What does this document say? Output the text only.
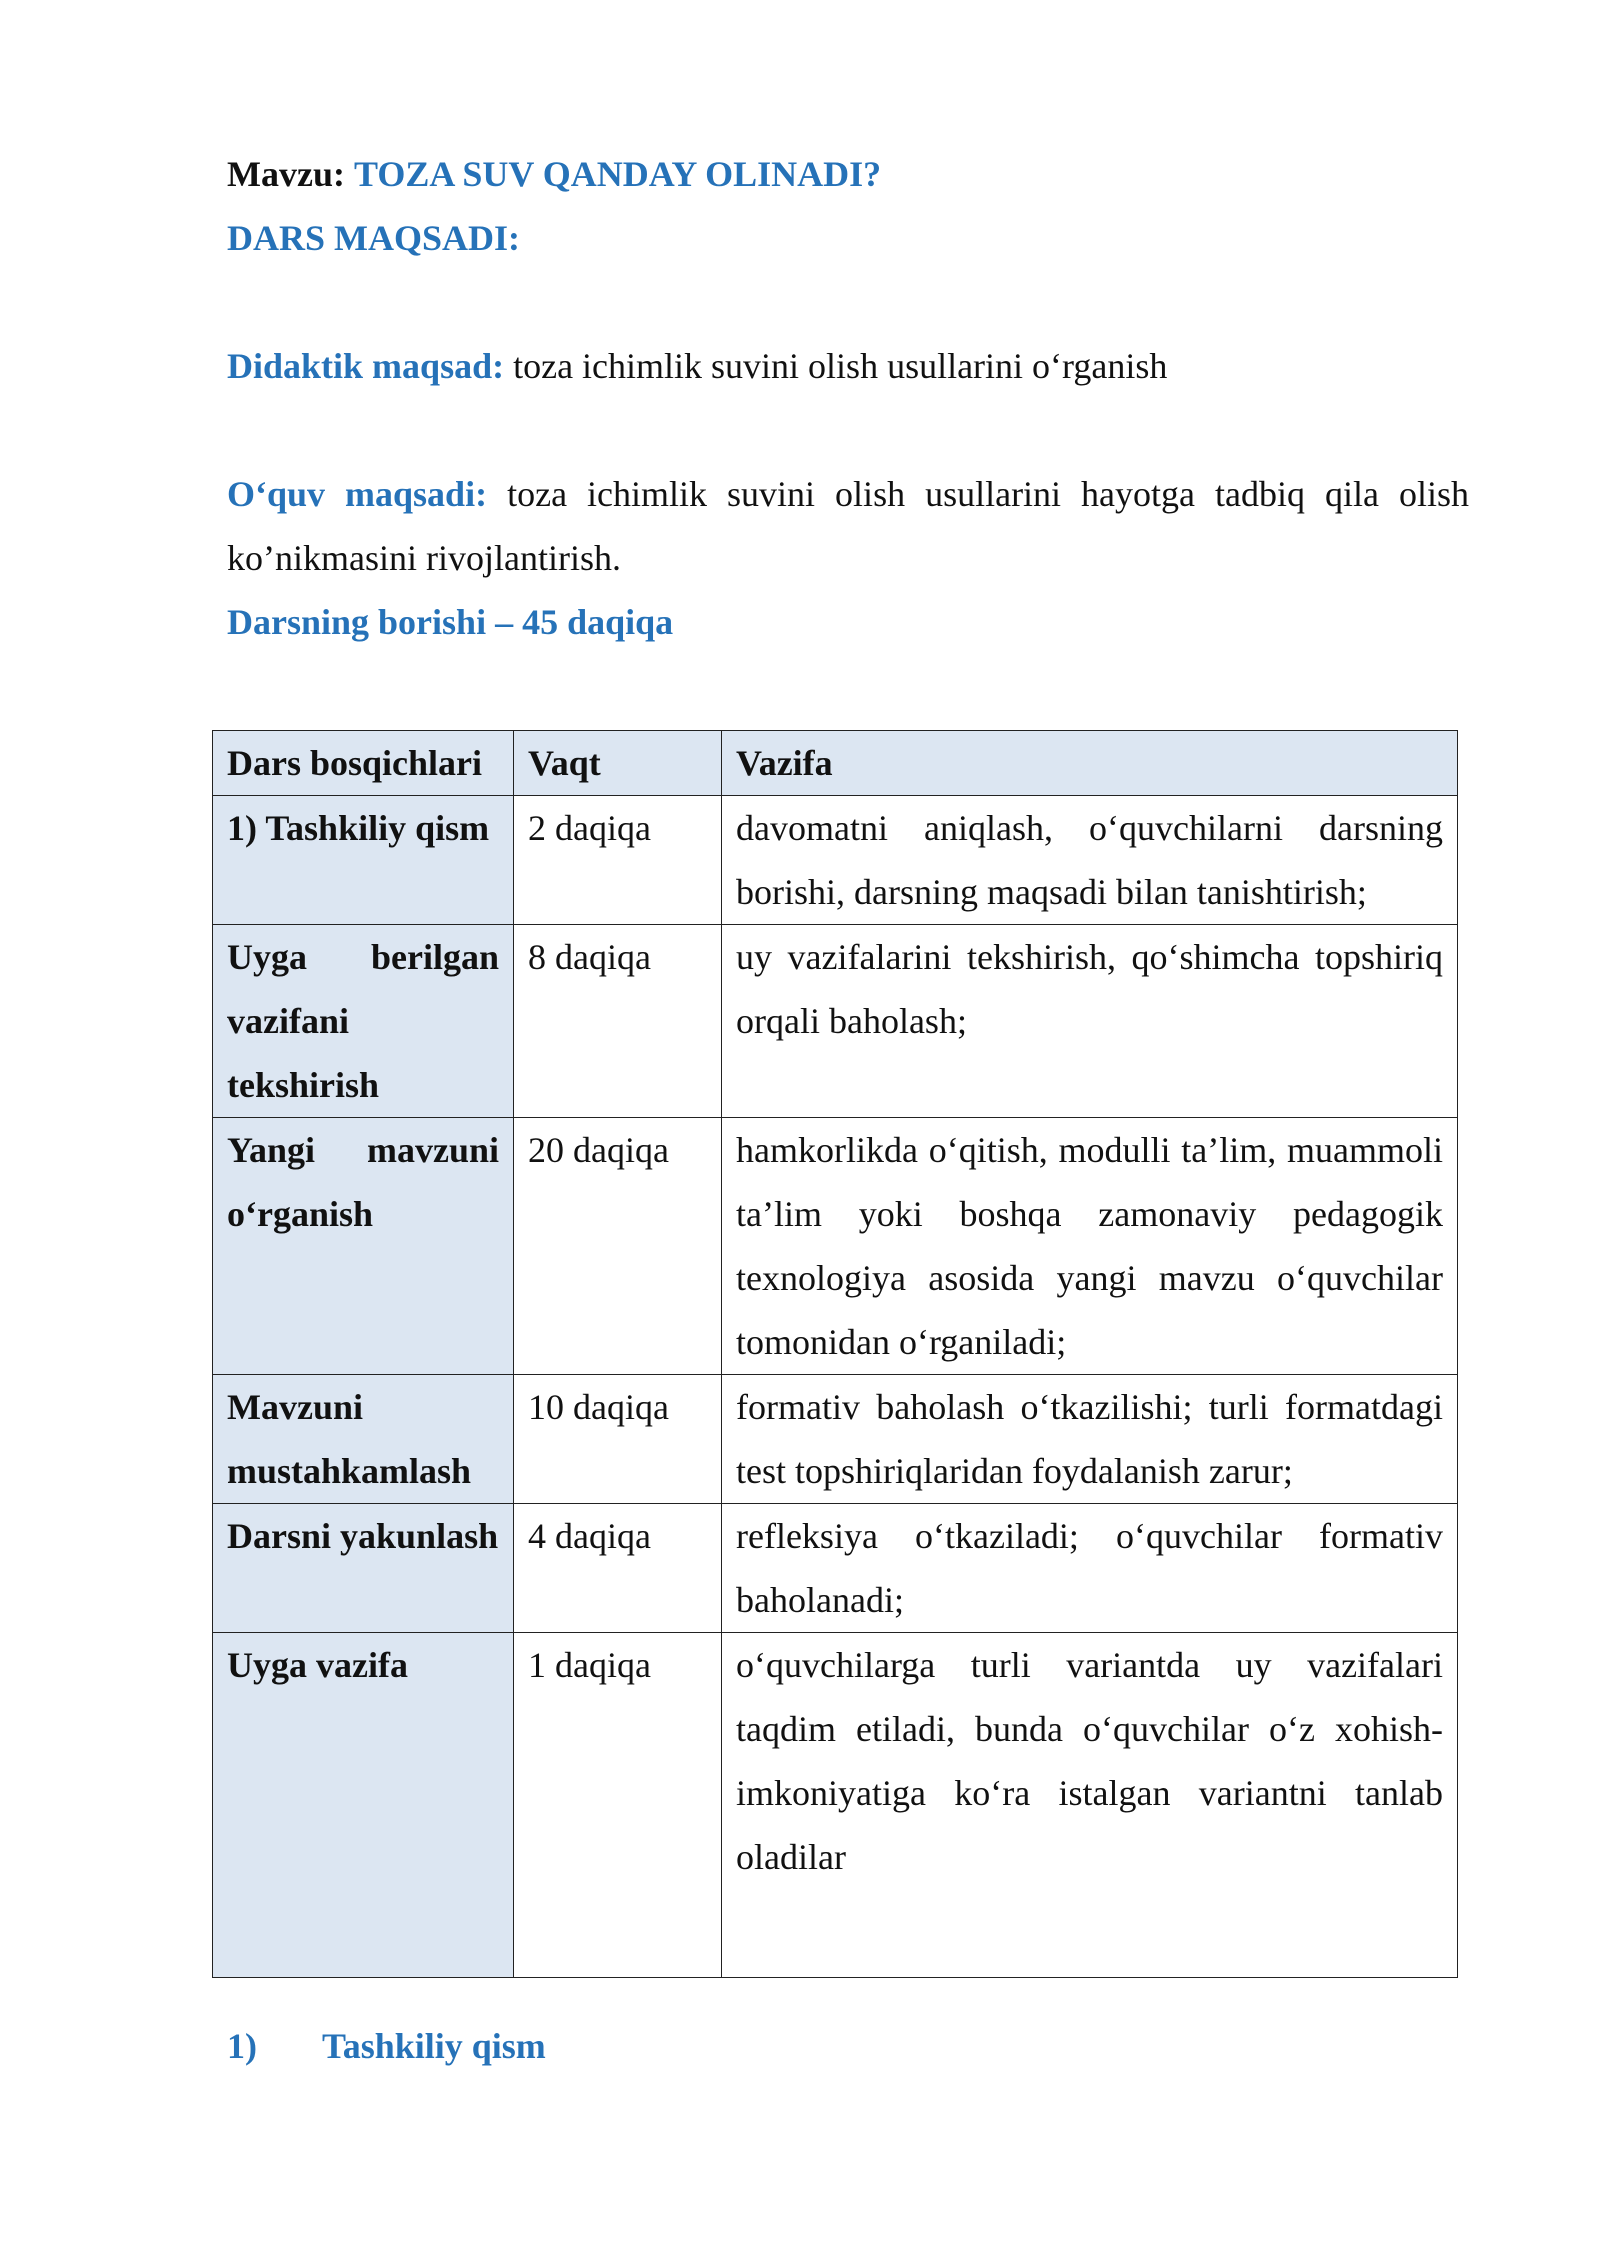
Mavzu: TOZA SUV QANDAY OLINADI?

DARS MAQSADI:

Didaktik maqsad: toza ichimlik suvini olish usullarini o‘rganish

O‘quv maqsadi: toza ichimlik suvini olish usullarini hayotga tadbiq qila olish ko’nikmasini rivojlantirish.

Darsning borishi – 45 daqiqa

Dars bosqichlari	Vaqt	Vazifa
1) Tashkiliy qism	2 daqiqa	davomatni aniqlash, o‘quvchilarni darsning borishi, darsning maqsadi bilan tanishtirish;
Uyga berilgan vazifani tekshirish	8 daqiqa	uy vazifalarini tekshirish, qo‘shimcha topshiriq orqali baholash;
Yangi mavzuni o‘rganish	20 daqiqa	hamkorlikda o‘qitish, modulli ta’lim, muammoli ta’lim yoki boshqa zamonaviy pedagogik texnologiya asosida yangi mavzu o‘quvchilar tomonidan o‘rganiladi;
Mavzuni mustahkamlash	10 daqiqa	formativ baholash o‘tkazilishi; turli formatdagi test topshiriqlaridan foydalanish zarur;
Darsni yakunlash	4 daqiqa	refleksiya o‘tkaziladi; o‘quvchilar formativ baholanadi;
Uyga vazifa	1 daqiqa	o‘quvchilarga turli variantda uy vazifalari taqdim etiladi, bunda o‘quvchilar o‘z xohish-imkoniyatiga ko‘ra istalgan variantni tanlab oladilar
1) Tashkiliy qism
